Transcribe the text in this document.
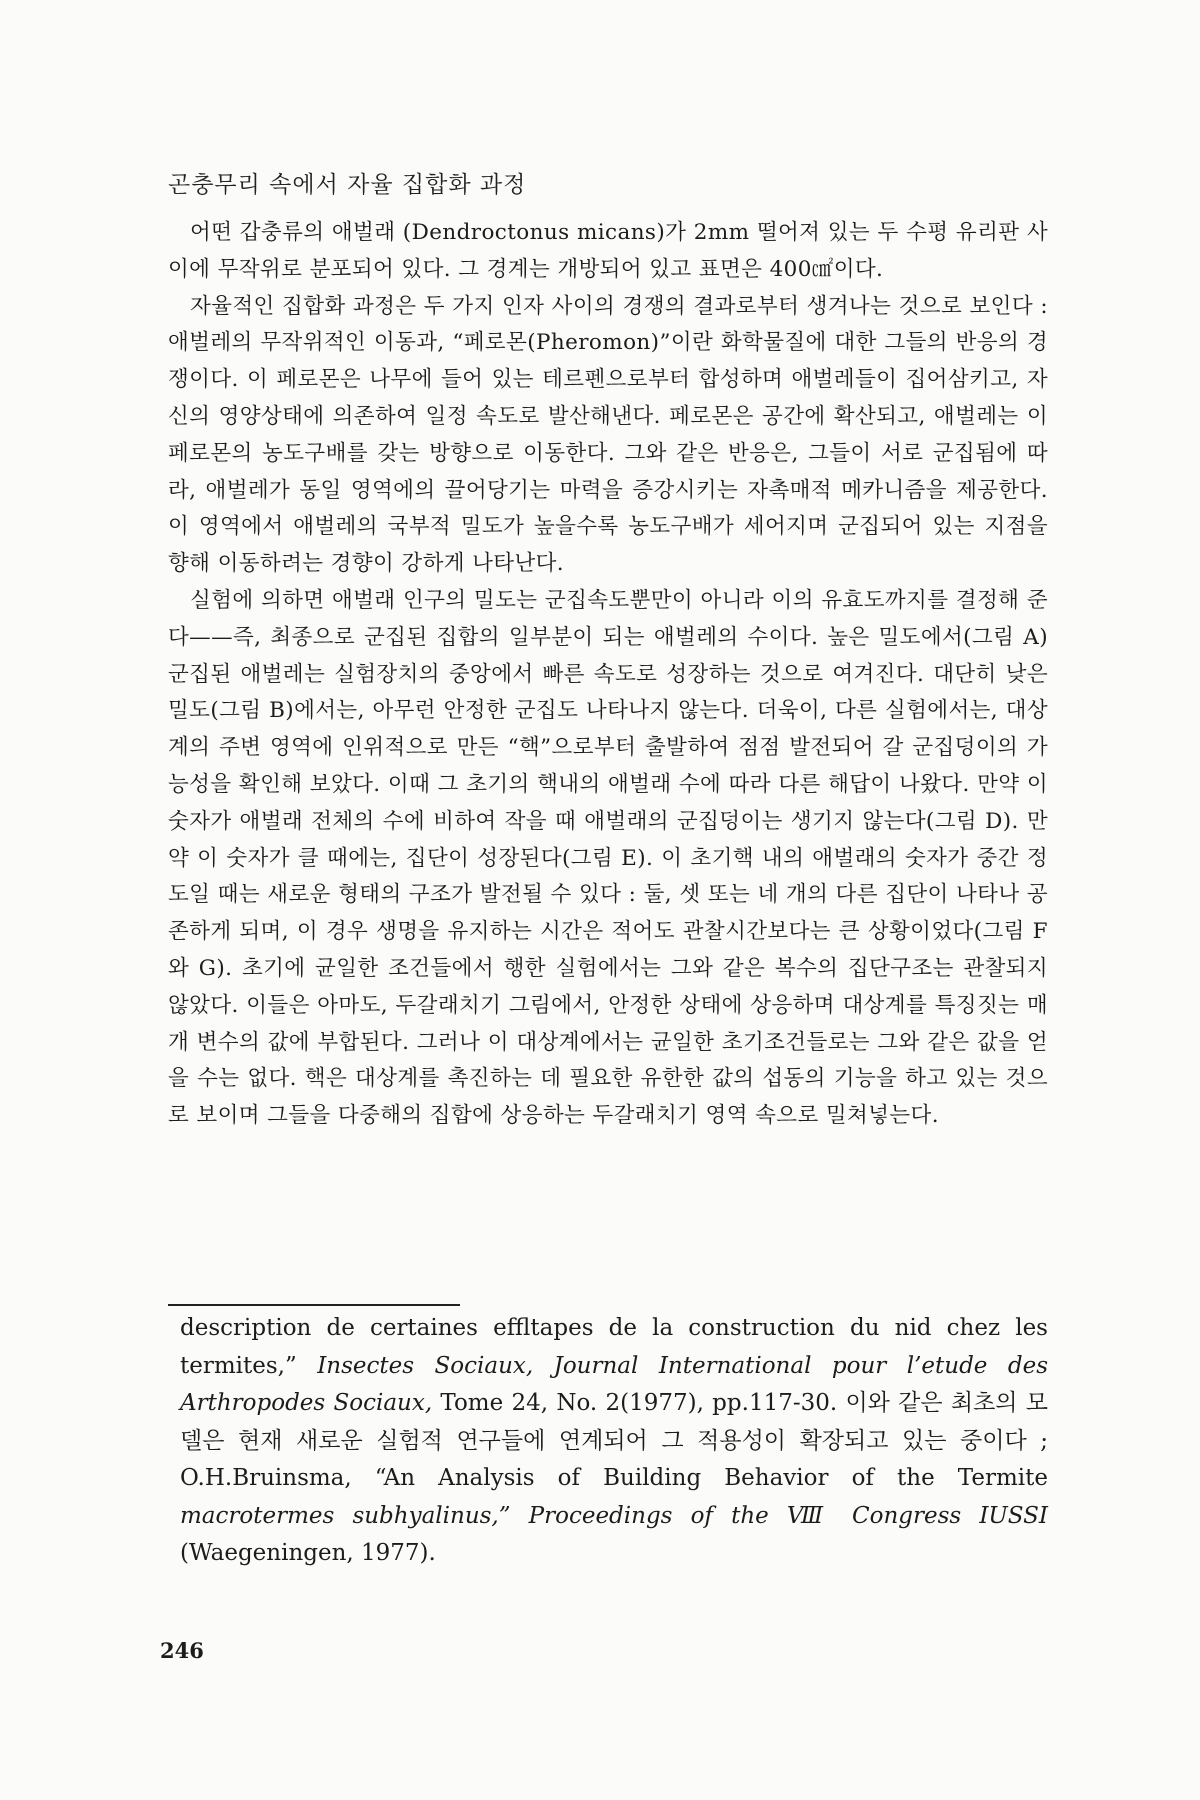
곤충무리 속에서 자율 집합화 과정

어떤 갑충류의 애벌래 (Dendroctonus micans)가 2mm 떨어져 있는 두 수평 유리판 사이에 무작위로 분포되어 있다. 그 경계는 개방되어 있고 표면은 400㎠이다.

자율적인 집합화 과정은 두 가지 인자 사이의 경쟁의 결과로부터 생겨나는 것으로 보인다 : 애벌레의 무작위적인 이동과, “페로몬(Pheromon)”이란 화학물질에 대한 그들의 반응의 경쟁이다. 이 페로몬은 나무에 들어 있는 테르펜으로부터 합성하며 애벌레들이 집어삼키고, 자신의 영양상태에 의존하여 일정 속도로 발산해낸다. 페로몬은 공간에 확산되고, 애벌레는 이 페로몬의 농도구배를 갖는 방향으로 이동한다. 그와 같은 반응은, 그들이 서로 군집됨에 따라, 애벌레가 동일 영역에의 끌어당기는 마력을 증강시키는 자촉매적 메카니즘을 제공한다. 이 영역에서 애벌레의 국부적 밀도가 높을수록 농도구배가 세어지며 군집되어 있는 지점을 향해 이동하려는 경향이 강하게 나타난다.

실험에 의하면 애벌래 인구의 밀도는 군집속도뿐만이 아니라 이의 유효도까지를 결정해 준다——즉, 최종으로 군집된 집합의 일부분이 되는 애벌레의 수이다. 높은 밀도에서(그림 A) 군집된 애벌레는 실험장치의 중앙에서 빠른 속도로 성장하는 것으로 여겨진다. 대단히 낮은 밀도(그림 B)에서는, 아무런 안정한 군집도 나타나지 않는다. 더욱이, 다른 실험에서는, 대상계의 주변 영역에 인위적으로 만든 “핵”으로부터 출발하여 점점 발전되어 갈 군집덩이의 가능성을 확인해 보았다. 이때 그 초기의 핵내의 애벌래 수에 따라 다른 해답이 나왔다. 만약 이 숫자가 애벌래 전체의 수에 비하여 작을 때 애벌래의 군집덩이는 생기지 않는다(그림 D). 만약 이 숫자가 클 때에는, 집단이 성장된다(그림 E). 이 초기핵 내의 애벌래의 숫자가 중간 정도일 때는 새로운 형태의 구조가 발전될 수 있다 : 둘, 셋 또는 네 개의 다른 집단이 나타나 공존하게 되며, 이 경우 생명을 유지하는 시간은 적어도 관찰시간보다는 큰 상황이었다(그림 F와 G). 초기에 균일한 조건들에서 행한 실험에서는 그와 같은 복수의 집단구조는 관찰되지 않았다. 이들은 아마도, 두갈래치기 그림에서, 안정한 상태에 상응하며 대상계를 특징짓는 매개 변수의 값에 부합된다. 그러나 이 대상계에서는 균일한 초기조건들로는 그와 같은 값을 얻을 수는 없다. 핵은 대상계를 촉진하는 데 필요한 유한한 값의 섭동의 기능을 하고 있는 것으로 보이며 그들을 다중해의 집합에 상응하는 두갈래치기 영역 속으로 밀쳐넣는다.

description de certaines effltapes de la construction du nid chez les termites,” Insectes Sociaux, Journal International pour l’etude des Arthropodes Sociaux, Tome 24, No. 2(1977), pp.117-30. 이와 같은 최초의 모델은 현재 새로운 실험적 연구들에 연계되어 그 적용성이 확장되고 있는 중이다 ; O.H.Bruinsma, “An Analysis of Building Behavior of the Termite macrotermes subhyalinus,” Proceedings of the Ⅷ Congress IUSSI (Waegeningen, 1977).

246
